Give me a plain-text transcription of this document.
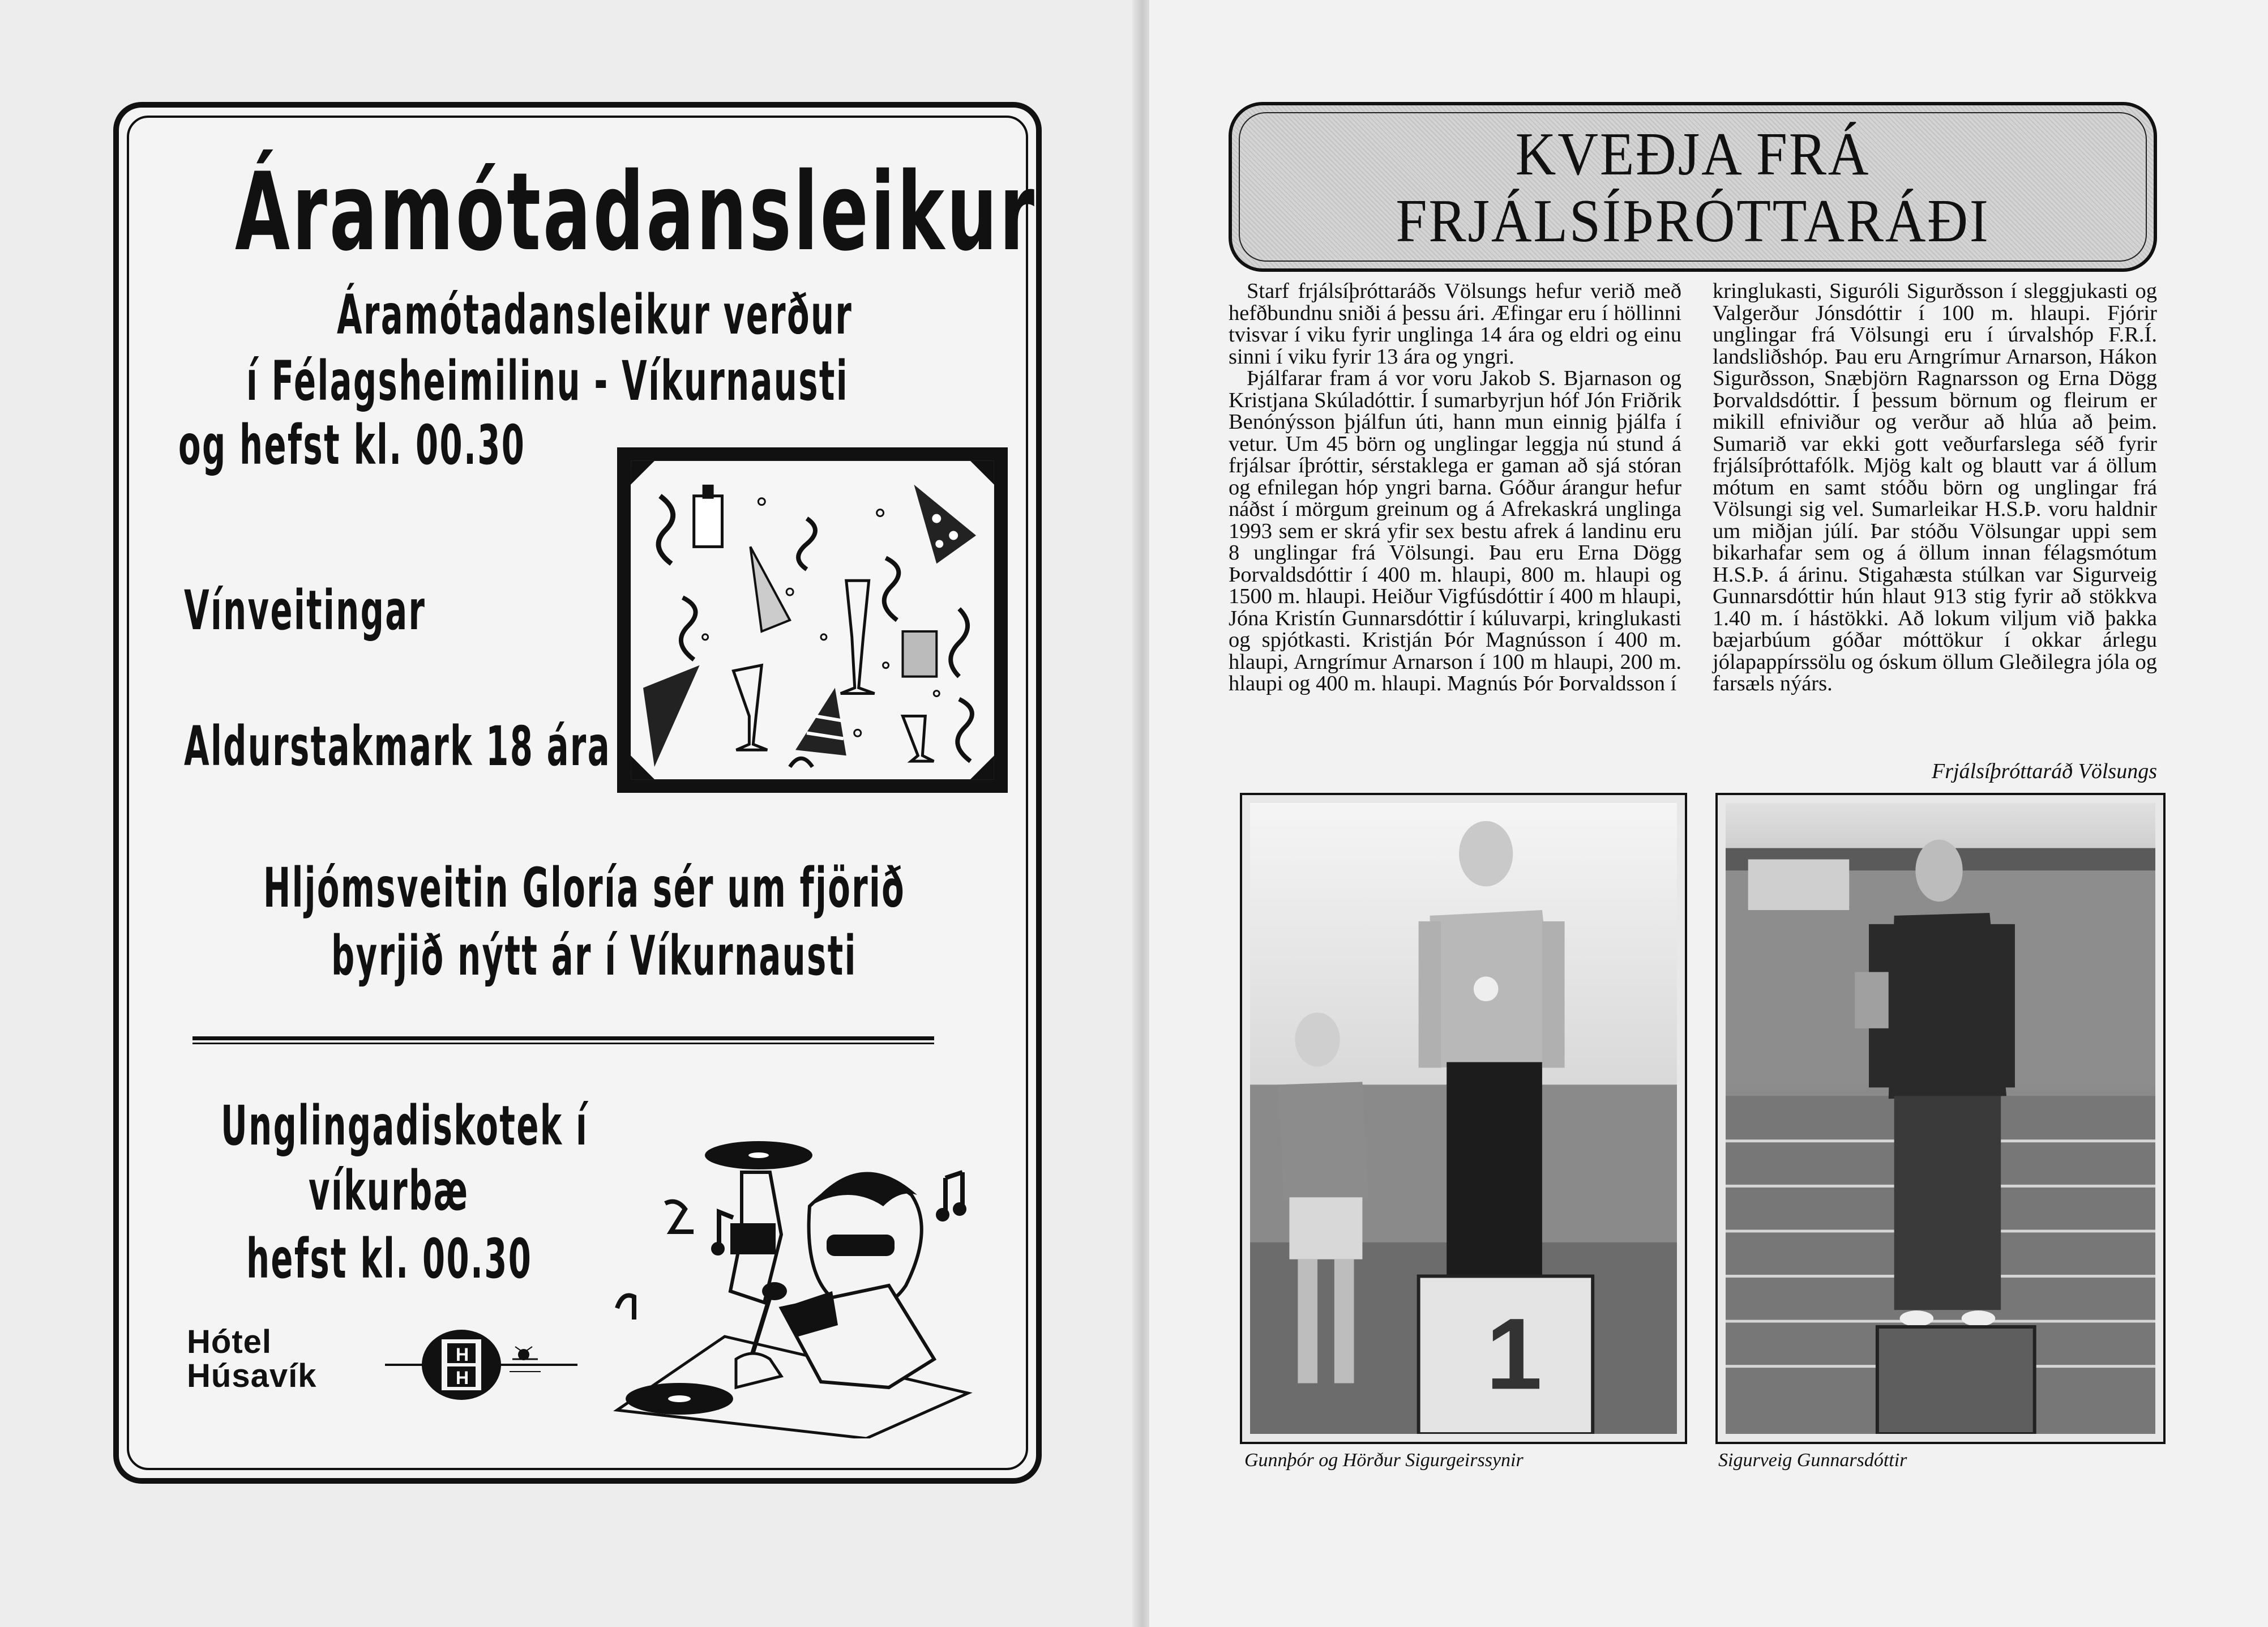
Áramótadansleikur
Áramótadansleikur verður
í Félagsheimilinu - Víkurnausti
og hefst kl. 00.30
Vínveitingar
Aldurstakmark 18 ára
Hljómsveitin Gloría sér um fjörið
byrjið nýtt ár í Víkurnausti
Unglingadiskotek í
víkurbæ
hefst kl. 00.30
Hótel
Húsavík
H
H
KVEÐJA FRÁ
FRJÁLSÍÞRÓTTARÁÐI

Starf frjálsíþróttaráðs Völsungs hefur verið með hefðbundnu sniði á þessu ári. Æfingar eru í höllinni tvisvar í viku fyrir unglinga 14 ára og eldri og einu sinni í viku fyrir 13 ára og yngri.

Þjálfarar fram á vor voru Jakob S. Bjarnason og Kristjana Skúladóttir. Í sumarbyrjun hóf Jón Friðrik Benónýsson þjálfun úti, hann mun einnig þjálfa í vetur. Um 45 börn og unglingar leggja nú stund á frjálsar íþróttir, sérstaklega er gaman að sjá stóran og efnilegan hóp yngri barna. Góður árangur hefur náðst í mörgum greinum og á Afrekaskrá unglinga 1993 sem er skrá yfir sex bestu afrek á landinu eru 8 unglingar frá Völsungi. Þau eru Erna Dögg Þorvaldsdóttir í 400 m. hlaupi, 800 m. hlaupi og 1500 m. hlaupi. Heiður Vigfúsdóttir í 400 m hlaupi, Jóna Kristín Gunnarsdóttir í kúluvarpi, kringlukasti og spjótkasti. Kristján Þór Magnússon í 400 m. hlaupi, Arngrímur Arnarson í 100 m hlaupi, 200 m. hlaupi og 400 m. hlaupi. Magnús Þór Þorvaldsson í

kringlukasti, Siguróli Sigurðsson í sleggjukasti og Valgerður Jónsdóttir í 100 m. hlaupi. Fjórir unglingar frá Völsungi eru í úrvalshóp F.R.Í. landsliðshóp. Þau eru Arngrímur Arnarson, Hákon Sigurðsson, Snæbjörn Ragnarsson og Erna Dögg Þorvaldsdóttir. Í þessum börnum og fleirum er mikill efniviður og verður að hlúa að þeim. Sumarið var ekki gott veðurfarslega séð fyrir frjálsíþróttafólk. Mjög kalt og blautt var á öllum mótum en samt stóðu börn og unglingar frá Völsungi sig vel. Sumarleikar H.S.Þ. voru haldnir um miðjan júlí. Þar stóðu Völsungar uppi sem bikarhafar sem og á öllum innan félagsmótum H.S.Þ. á árinu. Stigahæsta stúlkan var Sigurveig Gunnarsdóttir hún hlaut 913 stig fyrir að stökkva 1.40 m. í hástökki. Að lokum viljum við þakka bæjarbúum góðar móttökur í okkar árlegu jólapappírssölu og óskum öllum Gleðilegra jóla og farsæls nýárs.

Frjálsíþróttaráð Völsungs
1
Gunnþór og Hörður Sigurgeirssynir	Sigurveig Gunnarsdóttir
